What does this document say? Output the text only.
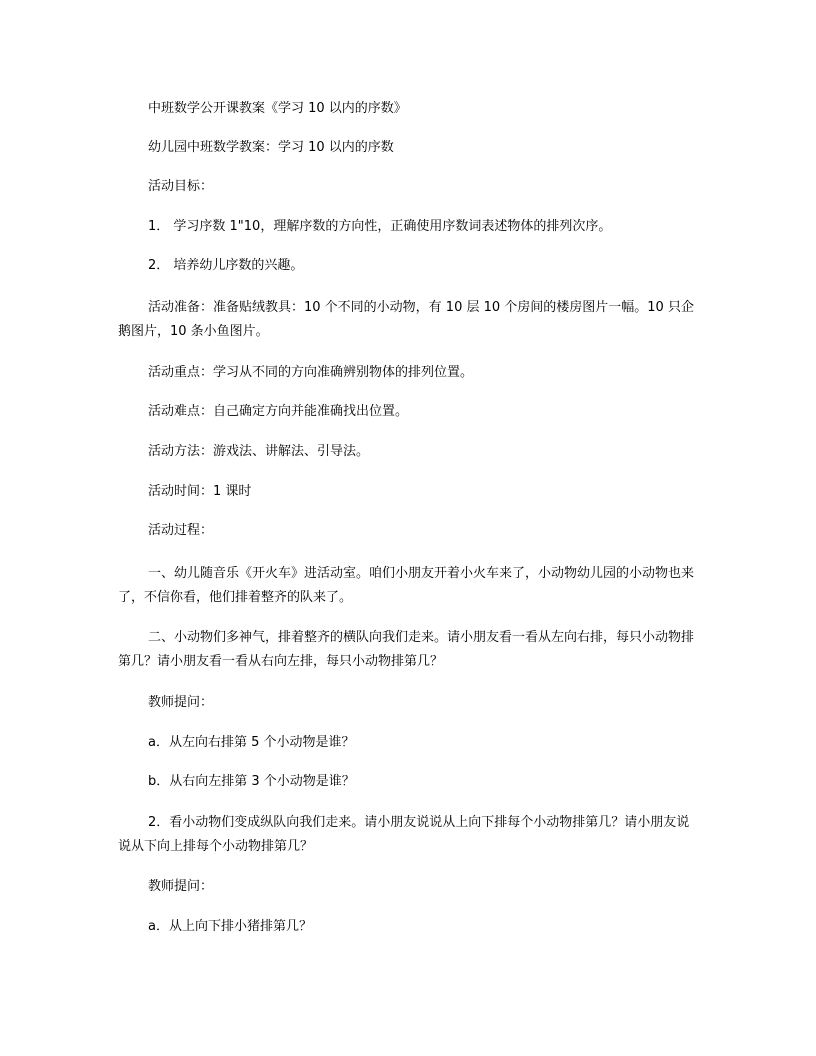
中班数学公开课教案《学习 10 以内的序数》

幼儿园中班数学教案：学习 10 以内的序数

活动目标：

1． 学习序数 1"10，理解序数的方向性，正确使用序数词表述物体的排列次序。

2． 培养幼儿序数的兴趣。

活动准备：准备贴绒教具：10 个不同的小动物，有 10 层 10 个房间的楼房图片一幅。10 只企鹅图片，10 条小鱼图片。

活动重点：学习从不同的方向准确辨别物体的排列位置。

活动难点：自己确定方向并能准确找出位置。

活动方法：游戏法、讲解法、引导法。

活动时间：1 课时

活动过程：

一、幼儿随音乐《开火车》进活动室。咱们小朋友开着小火车来了，小动物幼儿园的小动物也来了，不信你看，他们排着整齐的队来了。

二、小动物们多神气，排着整齐的横队向我们走来。请小朋友看一看从左向右排，每只小动物排第几？请小朋友看一看从右向左排，每只小动物排第几？

教师提问：

a．从左向右排第 5 个小动物是谁？

b．从右向左排第 3 个小动物是谁？

2．看小动物们变成纵队向我们走来。请小朋友说说从上向下排每个小动物排第几？请小朋友说说从下向上排每个小动物排第几？

教师提问：

a．从上向下排小猪排第几？
